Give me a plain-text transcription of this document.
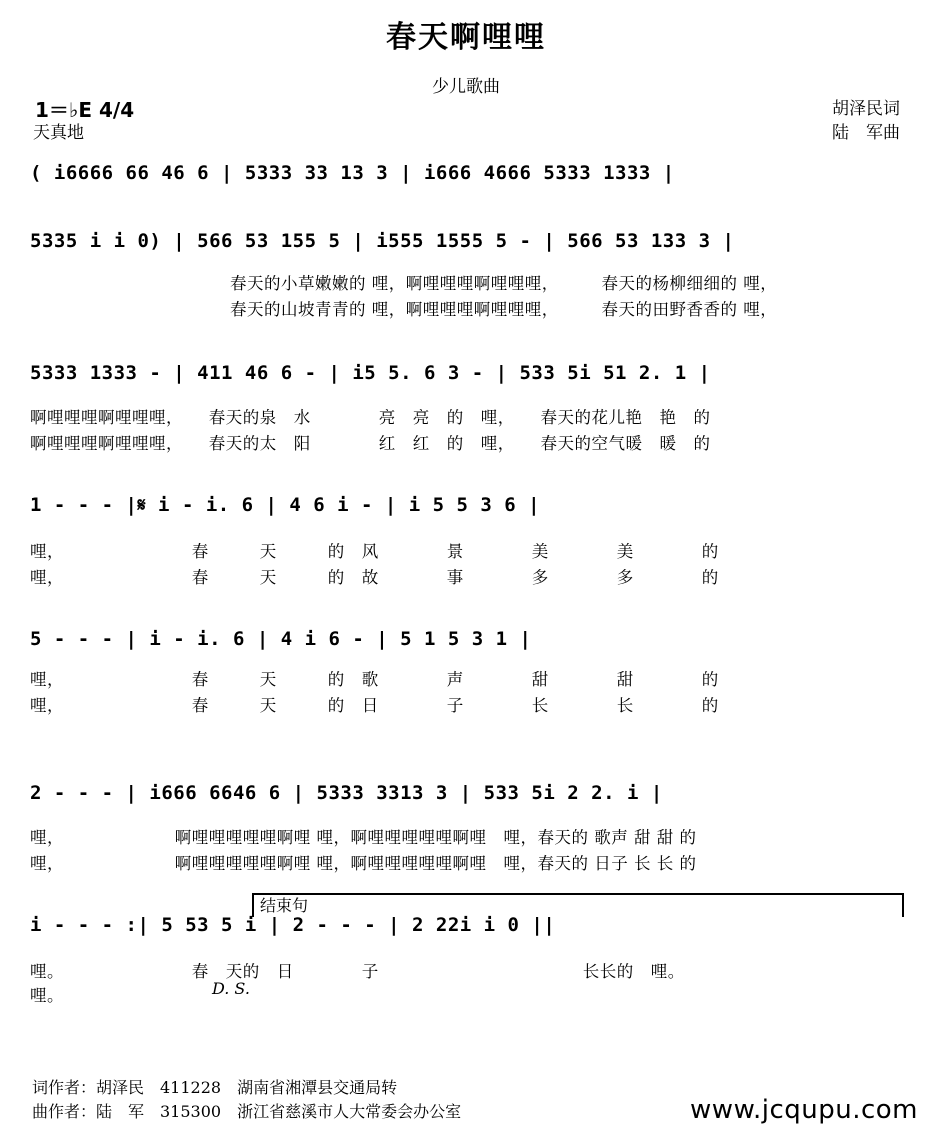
春天啊哩哩
少儿歌曲
1＝♭E 4/4
天真地
胡泽民词
陆　军曲
( i6666 66 46 6 | 5333 33 13 3 | i666 4666 5333 1333 |
5335 i i 0) | 566 53 155 5 | i555 1555 5 - | 566 53 133 3 |
春天的小草嫩嫩的 哩，啊哩哩哩啊哩哩哩，　　　春天的杨柳细细的 哩，
春天的山坡青青的 哩，啊哩哩哩啊哩哩哩，　　　春天的田野香香的 哩，
5333 1333 - | 411 46 6 - | i5 5. 6 3 - | 533 5i 51 2. 1 |
啊哩哩哩啊哩哩哩，　　春天的泉　水　　　　亮　亮　的　哩，　　春天的花儿艳　艳　的
啊哩哩哩啊哩哩哩，　　春天的太　阳　　　　红　红　的　哩，　　春天的空气暖　暖　的
1 - - - |𝄋 i - i. 6 | 4 6 i - | i 5 5 3 6 |
哩，　　　　　　　　春　　　天　　　的　风　　　　景　　　　美　　　　美　　　　的
哩，　　　　　　　　春　　　天　　　的　故　　　　事　　　　多　　　　多　　　　的
5 - - - | i - i. 6 | 4 i 6 - | 5 1 5 3 1 |
哩，　　　　　　　　春　　　天　　　的　歌　　　　声　　　　甜　　　　甜　　　　的
哩，　　　　　　　　春　　　天　　　的　日　　　　子　　　　长　　　　长　　　　的
2 - - - | i666 6646 6 | 5333 3313 3 | 533 5i 2 2. i |
哩，　　　　　　　啊哩哩哩哩哩啊哩 哩，啊哩哩哩哩哩啊哩　哩，春天的 歌声 甜 甜 的
哩，　　　　　　　啊哩哩哩哩哩啊哩 哩，啊哩哩哩哩哩啊哩　哩，春天的 日子 长 长 的
结束句
i - - - :| 5 53 5 i | 2 - - - | 2 22i i 0 ||
哩。　　　　　　　　春　天的　日　　　　子　　　　　　　　　　　　长长的　哩。
哩。	D. S.
词作者：胡泽民　411228　湖南省湘潭县交通局转
曲作者：陆　军　315300　浙江省慈溪市人大常委会办公室	www.jcqupu.com
